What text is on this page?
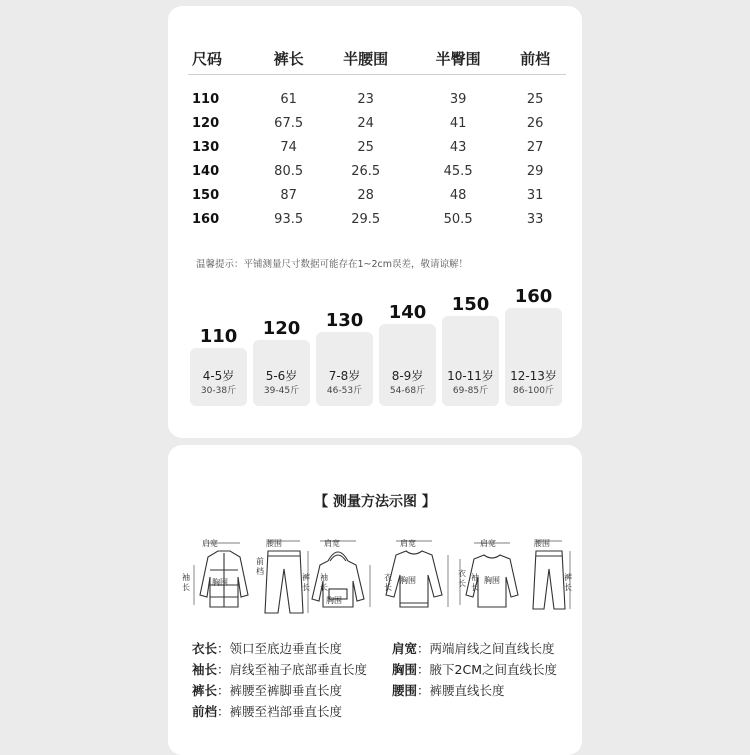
尺码	裤长	半腰围	半臀围	前档

110	61	23	39	25
120	67.5	24	41	26
130	74	25	43	27
140	80.5	26.5	45.5	29
150	87	28	48	31
160	93.5	29.5	50.5	33
温馨提示：平铺测量尺寸数据可能存在1~2cm误差，敬请谅解！
110
4-5岁
30-38斤
120
5-6岁
39-45斤
130
7-8岁
46-53斤
140
8-9岁
54-68斤
150
10-11岁
69-85斤
160
12-13岁
86-100斤
【 测量方法示图 】
肩宽	腰围	肩宽	肩宽	肩宽	腰围
胸围	胸围	胸围
胸围
袖长
前档
裤长
袖长
衣长
衣长
袖长
裤长
衣长：领口至底边垂直长度	肩宽：两端肩线之间直线长度
袖长：肩线至袖子底部垂直长度 胸围：腋下2CM之间直线长度
裤长：裤腰至裤脚垂直长度	腰围：裤腰直线长度
前档：裤腰至裆部垂直长度
